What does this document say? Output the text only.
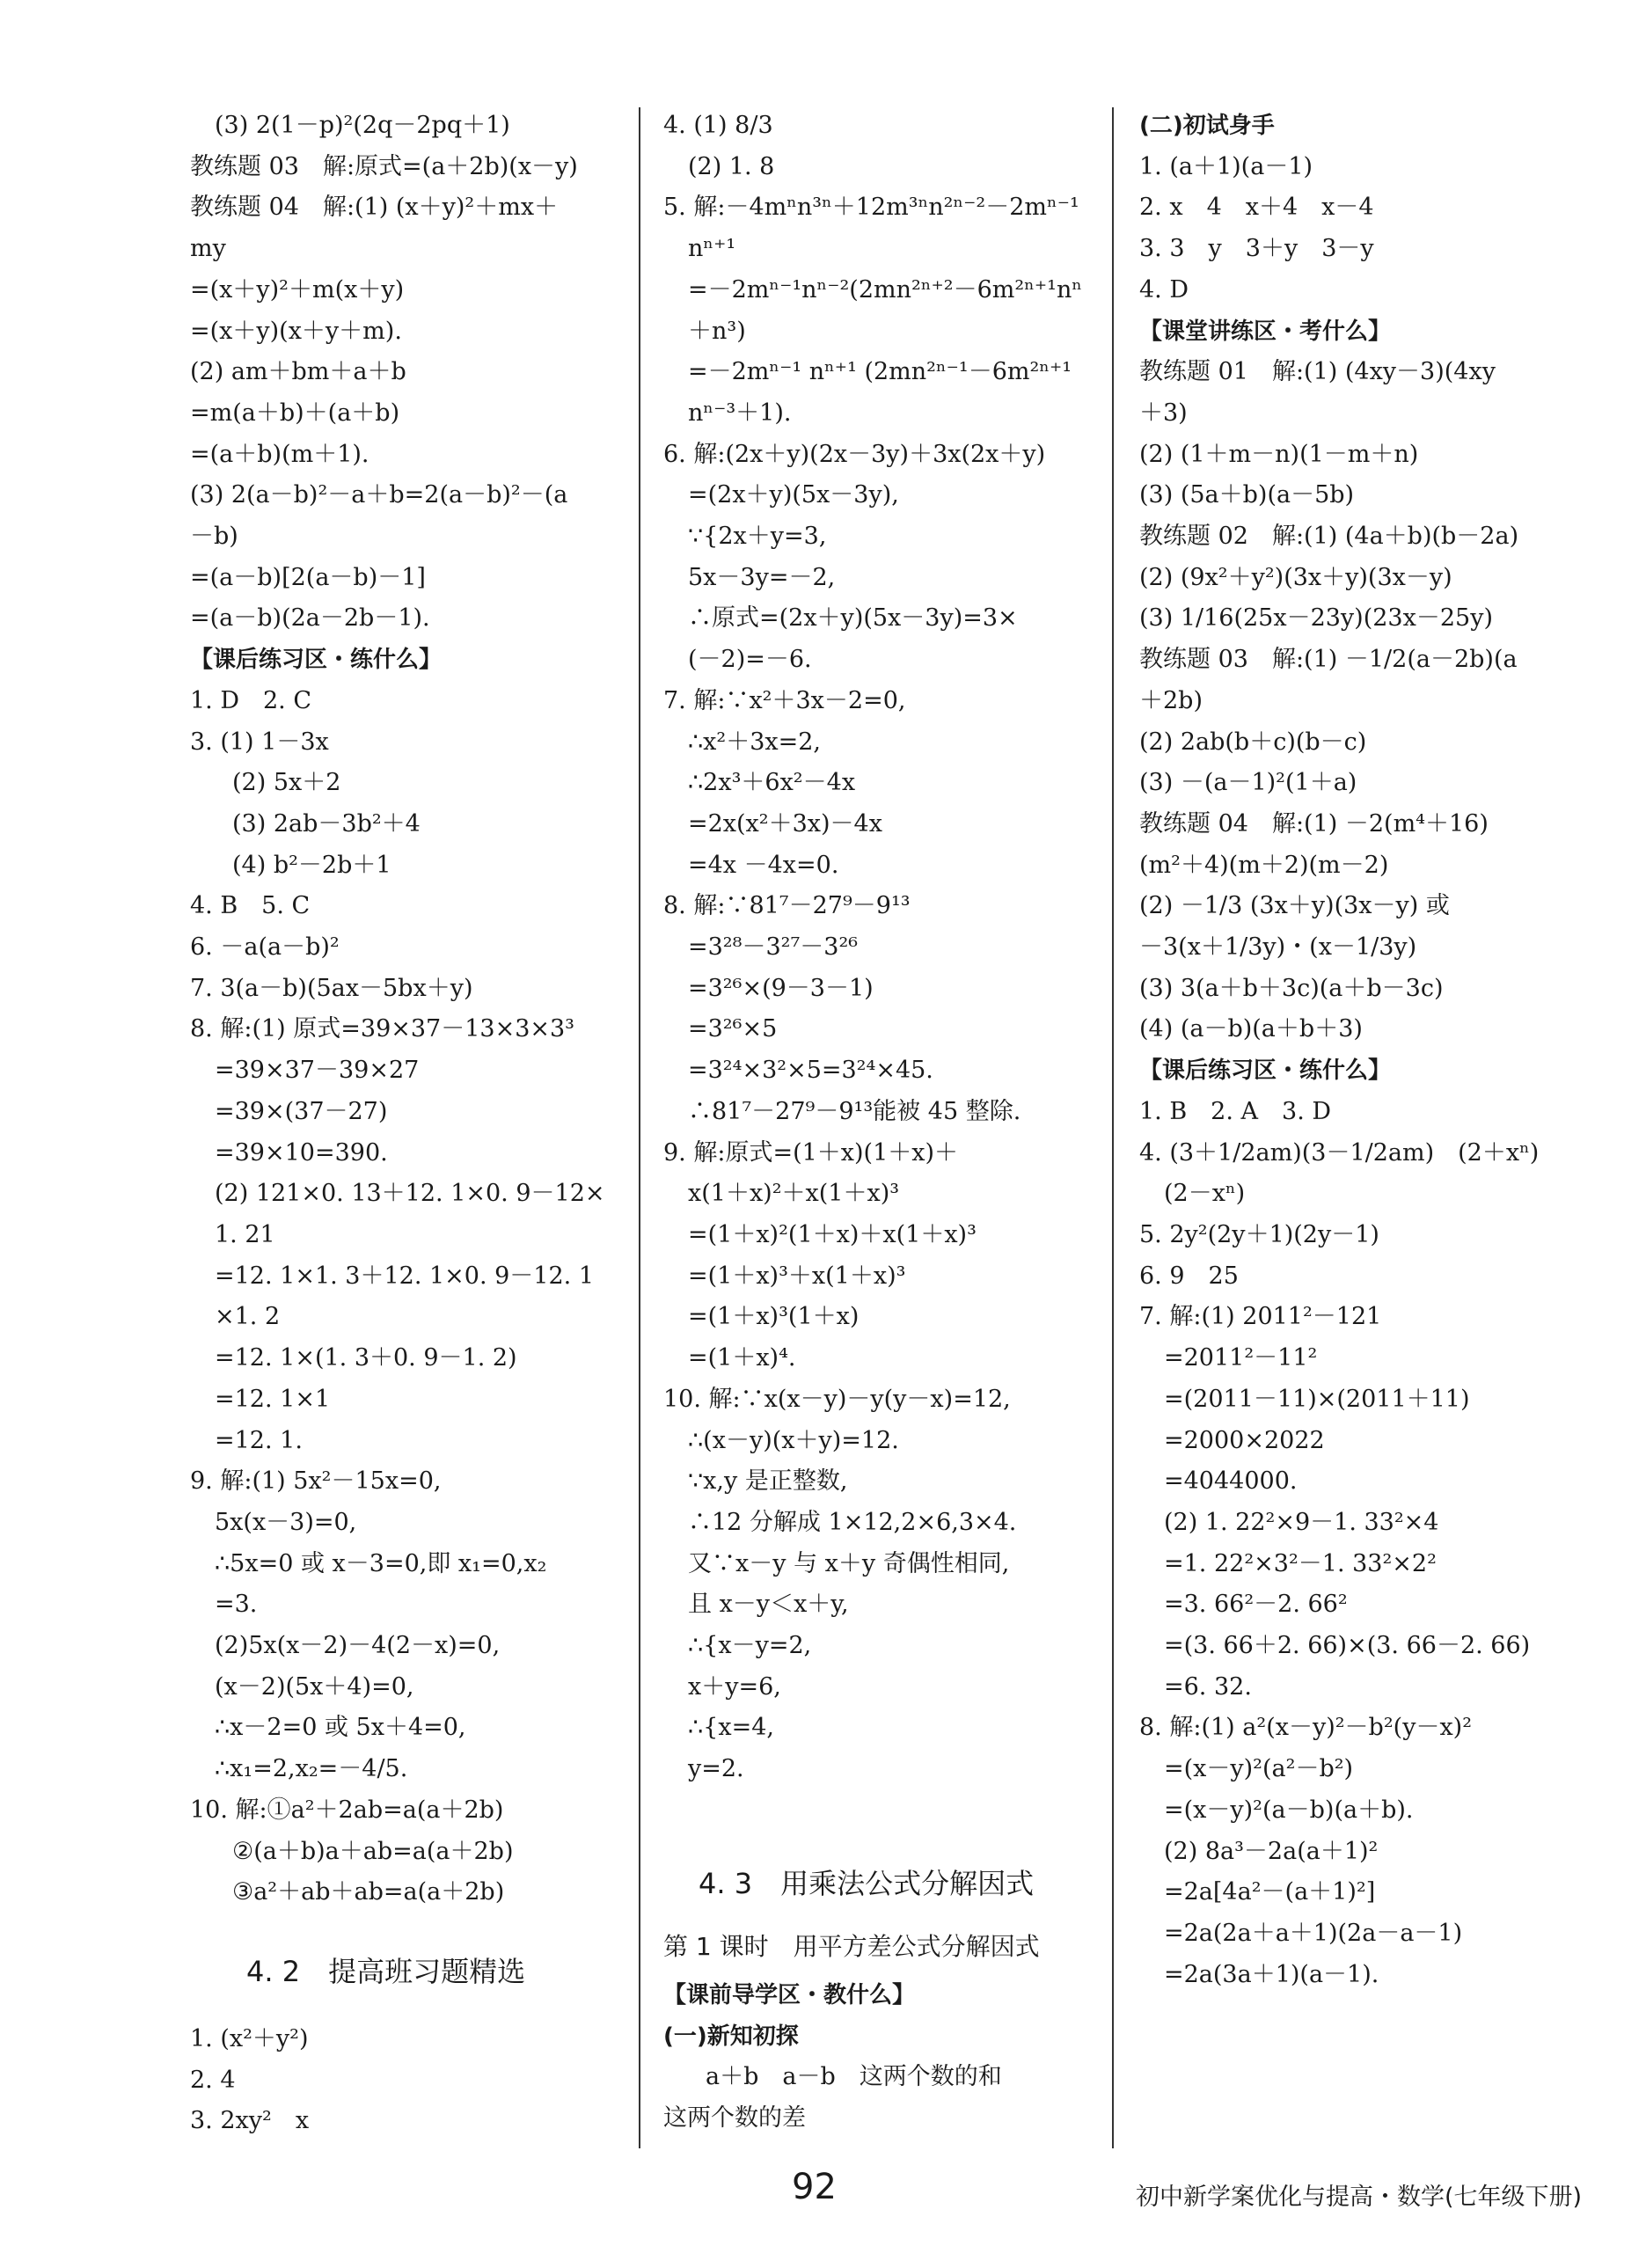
(3) 2(1－p)²(2q－2pq＋1)
教练题 03　解:原式=(a＋2b)(x－y)
教练题 04　解:(1) (x＋y)²＋mx＋
my
=(x＋y)²＋m(x＋y)
=(x＋y)(x＋y＋m).
(2) am＋bm＋a＋b
=m(a＋b)＋(a＋b)
=(a＋b)(m＋1).
(3) 2(a－b)²－a＋b=2(a－b)²－(a
－b)
=(a－b)[2(a－b)－1]
=(a－b)(2a－2b－1).
【课后练习区・练什么】
1. D　2. C
3. (1) 1－3x
(2) 5x＋2
(3) 2ab－3b²＋4
(4) b²－2b＋1
4. B　5. C
6. －a(a－b)²
7. 3(a－b)(5ax－5bx＋y)
8. 解:(1) 原式=39×37－13×3×3³
=39×37－39×27
=39×(37－27)
=39×10=390.
(2) 121×0. 13＋12. 1×0. 9－12×
1. 21
=12. 1×1. 3＋12. 1×0. 9－12. 1
×1. 2
=12. 1×(1. 3＋0. 9－1. 2)
=12. 1×1
=12. 1.
9. 解:(1) 5x²－15x=0,
5x(x－3)=0,
∴5x=0 或 x－3=0,即 x₁=0,x₂
=3.
(2)5x(x－2)－4(2－x)=0,
(x－2)(5x＋4)=0,
∴x－2=0 或 5x＋4=0,
∴x₁=2,x₂=－4/5.
10. 解:①a²＋2ab=a(a＋2b)
②(a＋b)a＋ab=a(a＋2b)
③a²＋ab＋ab=a(a＋2b)
4. 2　提高班习题精选
1. (x²＋y²)
2. 4
3. 2xy²　x
4. (1) 8/3
(2) 1. 8
5. 解:－4mⁿn³ⁿ＋12m³ⁿn²ⁿ⁻²－2mⁿ⁻¹
nⁿ⁺¹
=－2mⁿ⁻¹nⁿ⁻²(2mn²ⁿ⁺²－6m²ⁿ⁺¹nⁿ
＋n³)
=－2mⁿ⁻¹ nⁿ⁺¹ (2mn²ⁿ⁻¹－6m²ⁿ⁺¹
nⁿ⁻³＋1).
6. 解:(2x＋y)(2x－3y)＋3x(2x＋y)
=(2x＋y)(5x－3y),
∵{2x＋y=3,
5x－3y=－2,
∴原式=(2x＋y)(5x－3y)=3×
(－2)=－6.
7. 解:∵x²＋3x－2=0,
∴x²＋3x=2,
∴2x³＋6x²－4x
=2x(x²＋3x)－4x
=4x －4x=0.
8. 解:∵81⁷－27⁹－9¹³
=3²⁸－3²⁷－3²⁶
=3²⁶×(9－3－1)
=3²⁶×5
=3²⁴×3²×5=3²⁴×45.
∴81⁷－27⁹－9¹³能被 45 整除.
9. 解:原式=(1＋x)(1＋x)＋
x(1＋x)²＋x(1＋x)³
=(1＋x)²(1＋x)＋x(1＋x)³
=(1＋x)³＋x(1＋x)³
=(1＋x)³(1＋x)
=(1＋x)⁴.
10. 解:∵x(x－y)－y(y－x)=12,
∴(x－y)(x＋y)=12.
∵x,y 是正整数,
∴12 分解成 1×12,2×6,3×4.
又∵x－y 与 x＋y 奇偶性相同,
且 x－y＜x＋y,
∴{x－y=2,
x＋y=6,
∴{x=4,
y=2.
4. 3　用乘法公式分解因式
第 1 课时　用平方差公式分解因式
【课前导学区・教什么】
(一)新知初探
a＋b　a－b　这两个数的和
这两个数的差
(二)初试身手
1. (a＋1)(a－1)
2. x　4　x＋4　x－4
3. 3　y　3＋y　3－y
4. D
【课堂讲练区・考什么】
教练题 01　解:(1) (4xy－3)(4xy
＋3)
(2) (1＋m－n)(1－m＋n)
(3) (5a＋b)(a－5b)
教练题 02　解:(1) (4a＋b)(b－2a)
(2) (9x²＋y²)(3x＋y)(3x－y)
(3) 1/16(25x－23y)(23x－25y)
教练题 03　解:(1) －1/2(a－2b)(a
＋2b)
(2) 2ab(b＋c)(b－c)
(3) －(a－1)²(1＋a)
教练题 04　解:(1) －2(m⁴＋16)
(m²＋4)(m＋2)(m－2)
(2) －1/3 (3x＋y)(3x－y) 或
－3(x＋1/3y)・(x－1/3y)
(3) 3(a＋b＋3c)(a＋b－3c)
(4) (a－b)(a＋b＋3)
【课后练习区・练什么】
1. B　2. A　3. D
4. (3＋1/2am)(3－1/2am)　(2＋xⁿ)
(2－xⁿ)
5. 2y²(2y＋1)(2y－1)
6. 9　25
7. 解:(1) 2011²－121
=2011²－11²
=(2011－11)×(2011＋11)
=2000×2022
=4044000.
(2) 1. 22²×9－1. 33²×4
=1. 22²×3²－1. 33²×2²
=3. 66²－2. 66²
=(3. 66＋2. 66)×(3. 66－2. 66)
=6. 32.
8. 解:(1) a²(x－y)²－b²(y－x)²
=(x－y)²(a²－b²)
=(x－y)²(a－b)(a＋b).
(2) 8a³－2a(a＋1)²
=2a[4a²－(a＋1)²]
=2a(2a＋a＋1)(2a－a－1)
=2a(3a＋1)(a－1).
92	初中新学案优化与提高・数学(七年级下册)
